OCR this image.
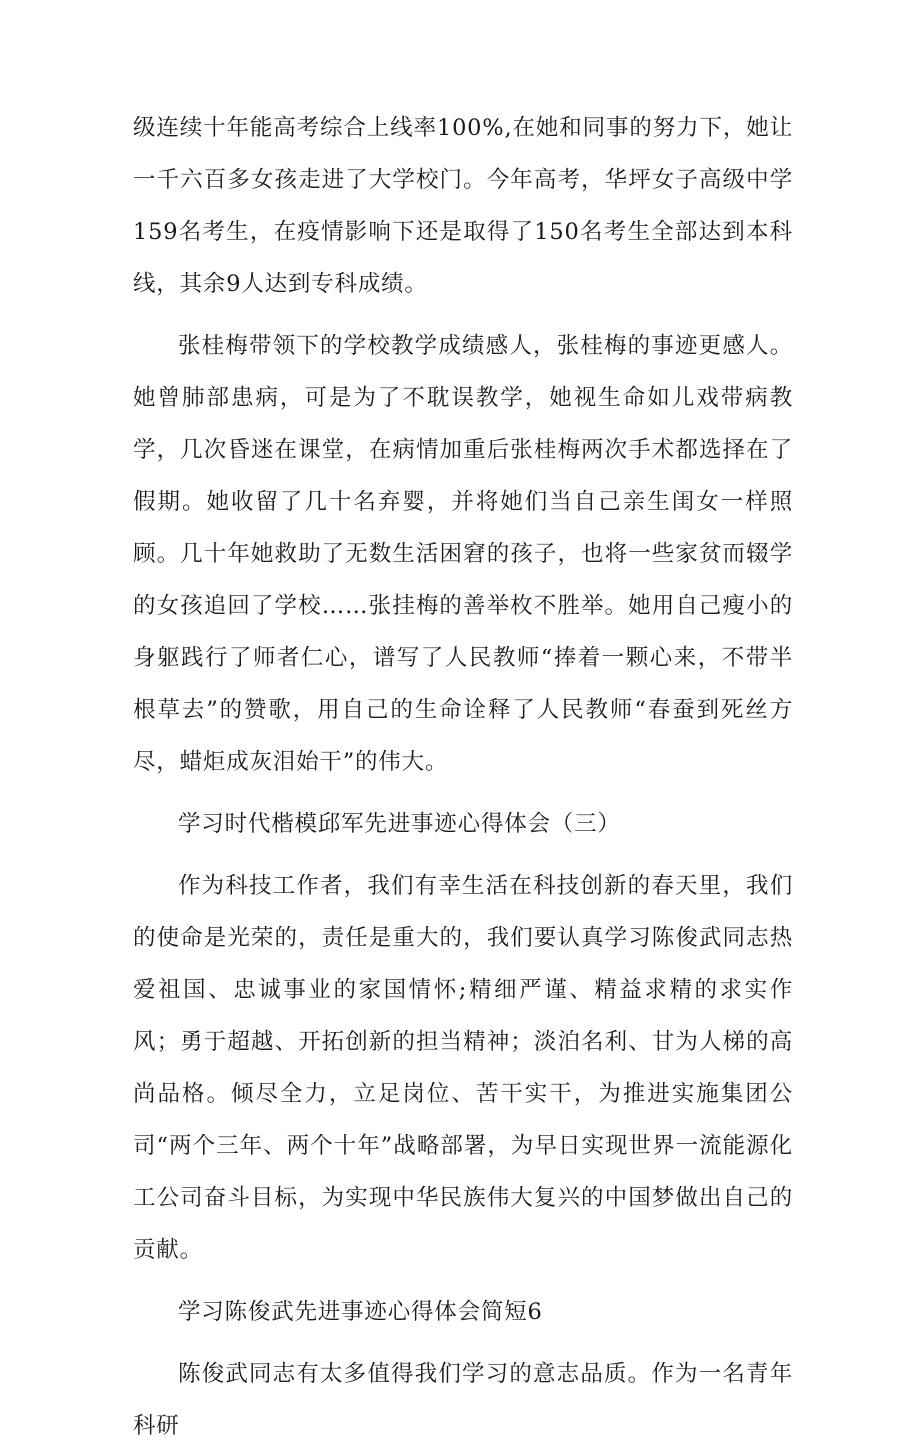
级连续十年能高考综合上线率100%,在她和同事的努力下，她让一千六百多女孩走进了大学校门。今年高考，华坪女子高级中学159名考生，在疫情影响下还是取得了150名考生全部达到本科线，其余9人达到专科成绩。

张桂梅带领下的学校教学成绩感人，张桂梅的事迹更感人。她曾肺部患病，可是为了不耽误教学，她视生命如儿戏带病教学，几次昏迷在课堂，在病情加重后张桂梅两次手术都选择在了假期。她收留了几十名弃婴，并将她们当自己亲生闺女一样照顾。几十年她救助了无数生活困窘的孩子，也将一些家贫而辍学的女孩追回了学校……张挂梅的善举枚不胜举。她用自己瘦小的身躯践行了师者仁心，谱写了人民教师“捧着一颗心来，不带半根草去”的赞歌，用自己的生命诠释了人民教师“春蚕到死丝方尽，蜡炬成灰泪始干”的伟大。

学习时代楷模邱军先进事迹心得体会（三）

作为科技工作者，我们有幸生活在科技创新的春天里，我们的使命是光荣的，责任是重大的，我们要认真学习陈俊武同志热爱祖国、忠诚事业的家国情怀;精细严谨、精益求精的求实作风；勇于超越、开拓创新的担当精神；淡泊名利、甘为人梯的高尚品格。倾尽全力，立足岗位、苦干实干，为推进实施集团公司“两个三年、两个十年”战略部署，为早日实现世界一流能源化工公司奋斗目标，为实现中华民族伟大复兴的中国梦做出自己的贡献。

学习陈俊武先进事迹心得体会简短6

陈俊武同志有太多值得我们学习的意志品质。作为一名青年科研
